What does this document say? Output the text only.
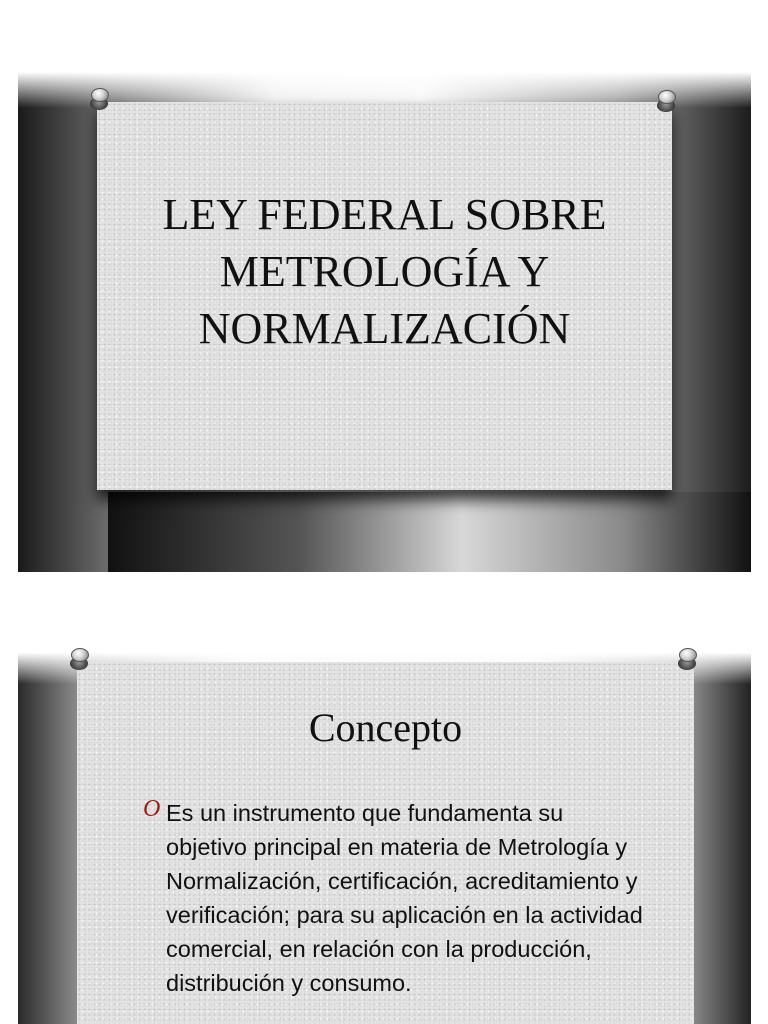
LEY FEDERAL SOBRE
METROLOGÍA Y
NORMALIZACIÓN
Concepto
O Es un instrumento que fundamenta su objetivo principal en materia de Metrología y Normalización, certificación, acreditamiento y verificación; para su aplicación en la actividad comercial, en relación con la producción, distribución y consumo.
